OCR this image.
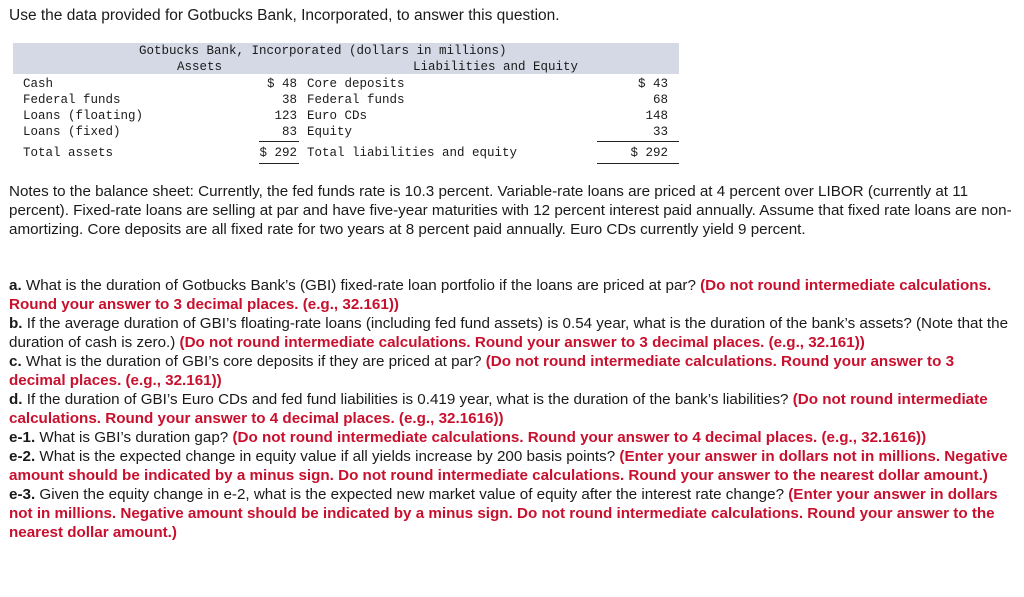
Use the data provided for Gotbucks Bank, Incorporated, to answer this question.
Gotbucks Bank, Incorporated (dollars in millions)
Assets	Liabilities and Equity
Cash	$ 48 Core deposits	$ 43
Federal funds	38 Federal funds	68
Loans (floating)	123 Euro CDs	148
Loans (fixed)	83 Equity	33
Total assets	$ 292 Total liabilities and equity	$ 292
Notes to the balance sheet: Currently, the fed funds rate is 10.3 percent. Variable-rate loans are priced at 4 percent over LIBOR (currently at 11 percent). Fixed-rate loans are selling at par and have five-year maturities with 12 percent interest paid annually. Assume that fixed rate loans are non-amortizing. Core deposits are all fixed rate for two years at 8 percent paid annually. Euro CDs currently yield 9 percent.

a. What is the duration of Gotbucks Bank’s (GBI) fixed-rate loan portfolio if the loans are priced at par? (Do not round intermediate calculations. Round your answer to 3 decimal places. (e.g., 32.161))

b. If the average duration of GBI’s floating-rate loans (including fed fund assets) is 0.54 year, what is the duration of the bank’s assets? (Note that the duration of cash is zero.) (Do not round intermediate calculations. Round your answer to 3 decimal places. (e.g., 32.161))

c. What is the duration of GBI’s core deposits if they are priced at par? (Do not round intermediate calculations. Round your answer to 3 decimal places. (e.g., 32.161))

d. If the duration of GBI’s Euro CDs and fed fund liabilities is 0.419 year, what is the duration of the bank’s liabilities? (Do not round intermediate calculations. Round your answer to 4 decimal places. (e.g., 32.1616))

e-1. What is GBI’s duration gap? (Do not round intermediate calculations. Round your answer to 4 decimal places. (e.g., 32.1616))

e-2. What is the expected change in equity value if all yields increase by 200 basis points? (Enter your answer in dollars not in millions. Negative amount should be indicated by a minus sign. Do not round intermediate calculations. Round your answer to the nearest dollar amount.)

e-3. Given the equity change in e-2, what is the expected new market value of equity after the interest rate change? (Enter your answer in dollars not in millions. Negative amount should be indicated by a minus sign. Do not round intermediate calculations. Round your answer to the nearest dollar amount.)
